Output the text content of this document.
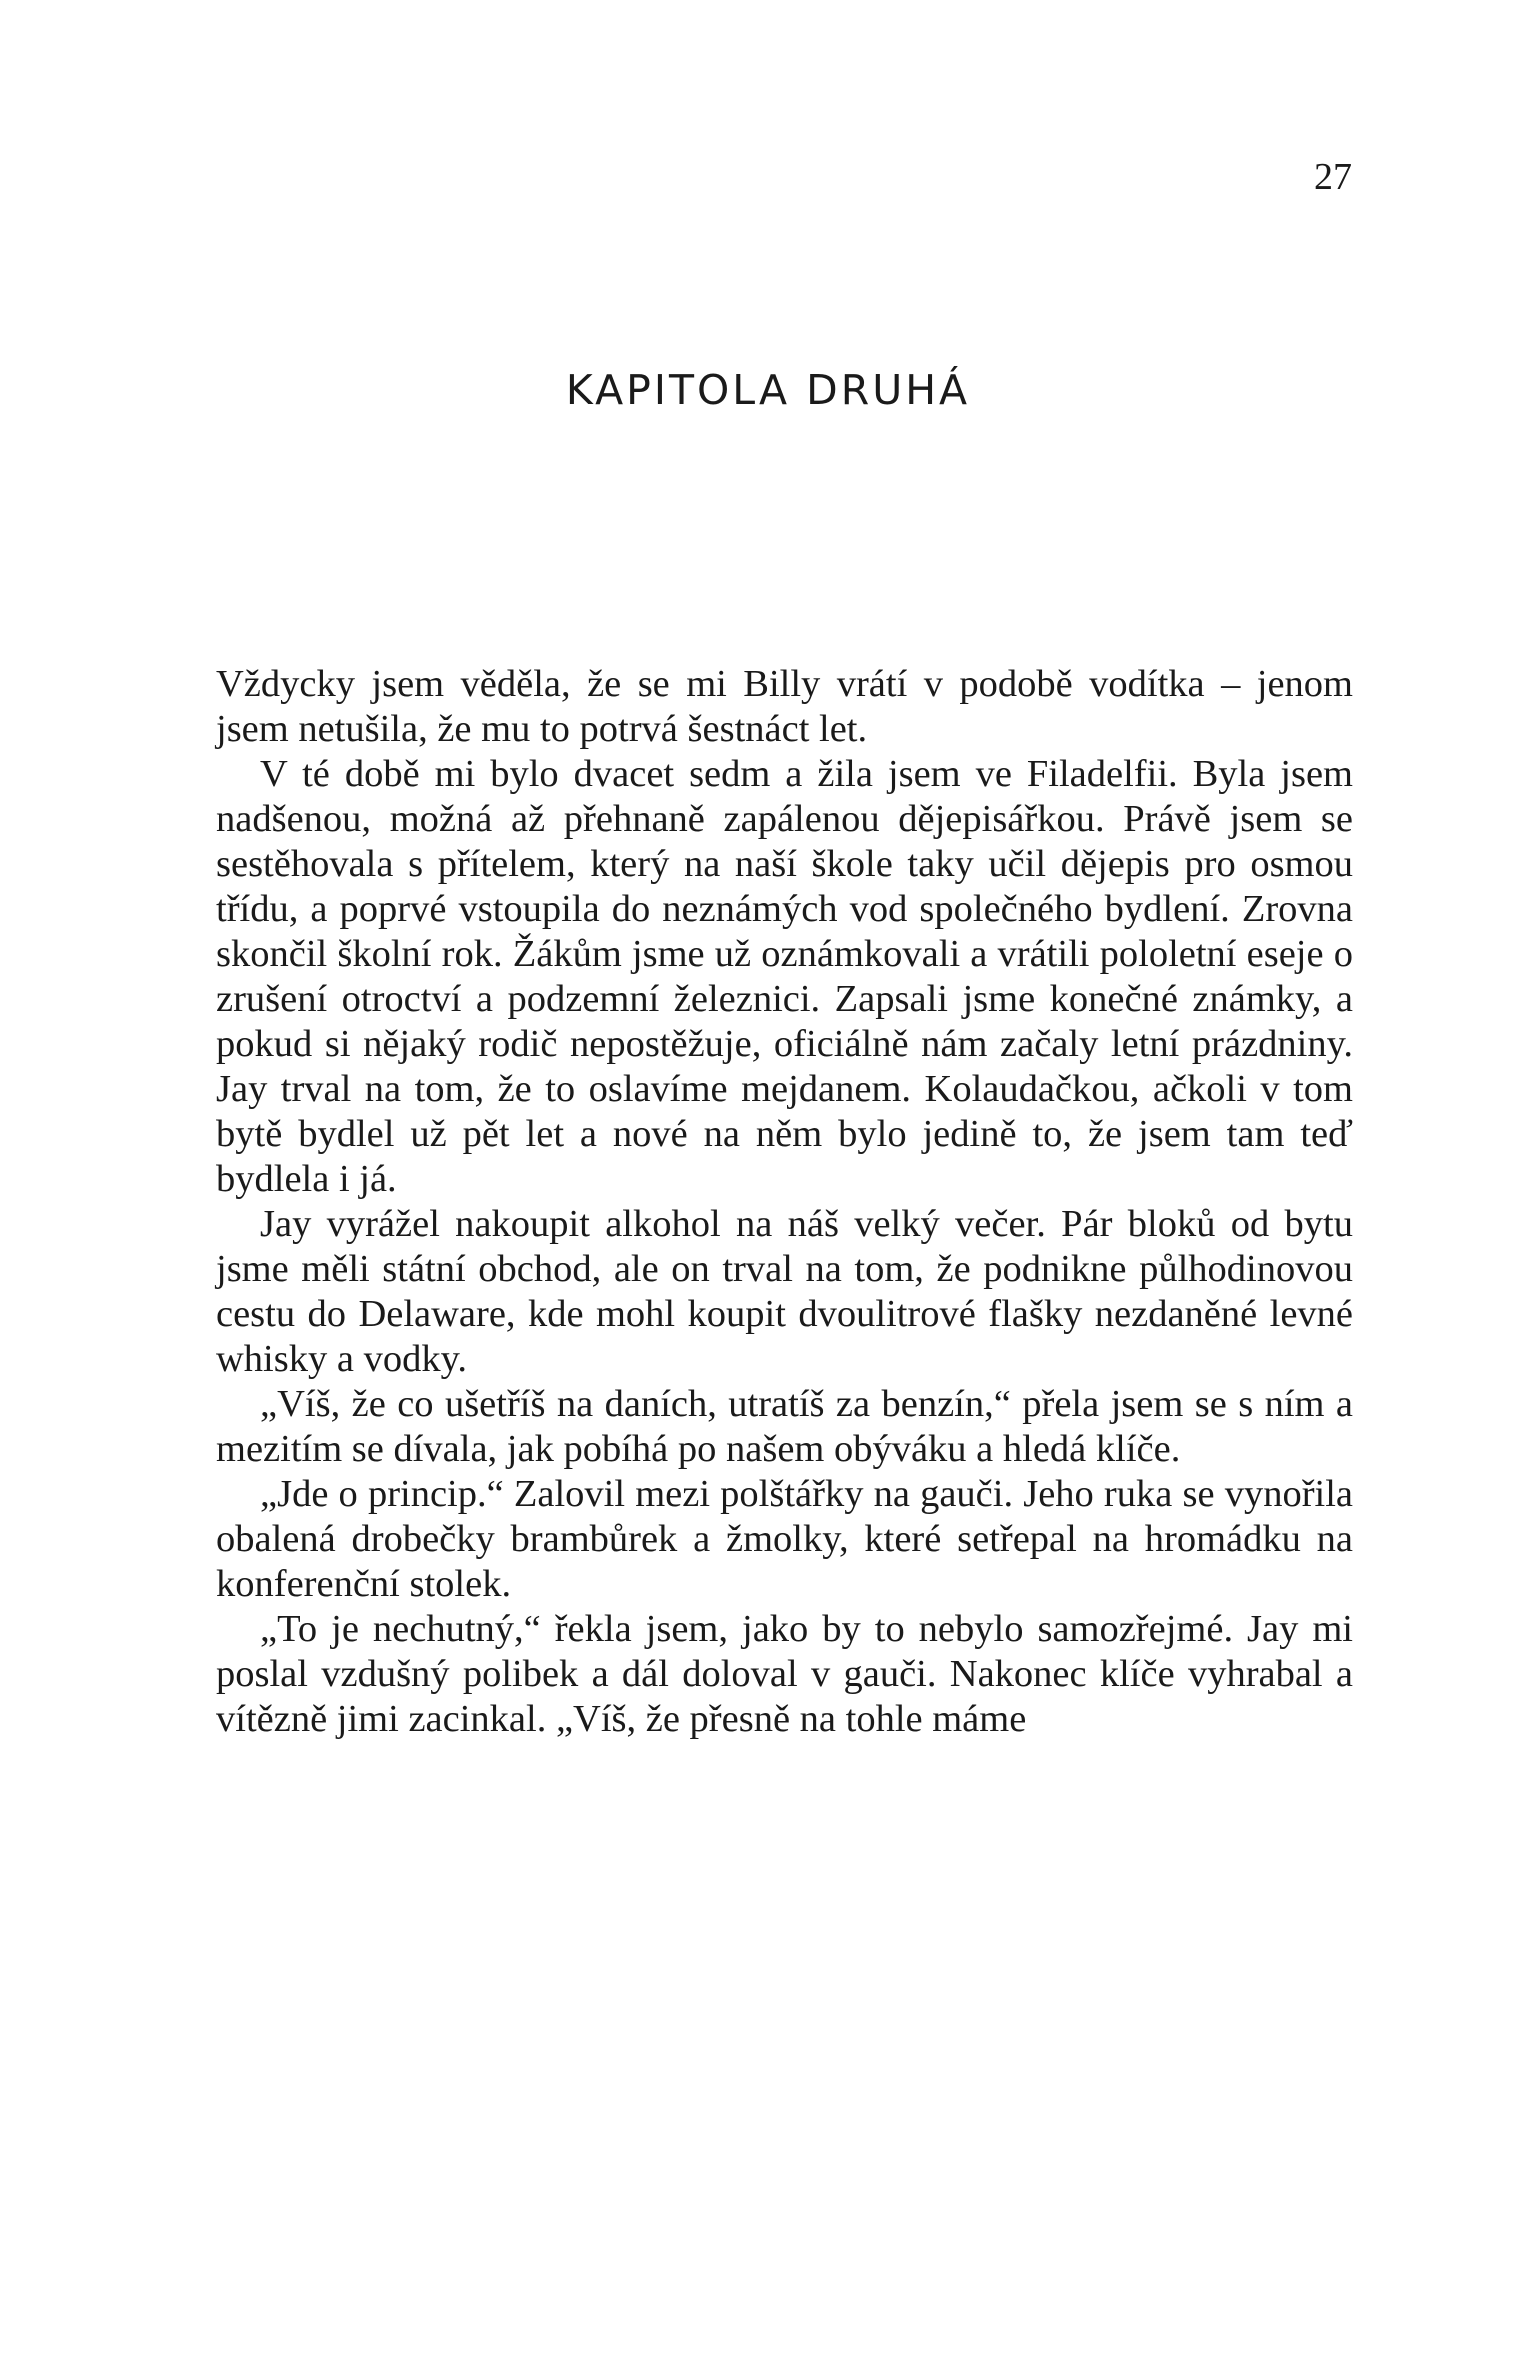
27
KAPITOLA DRUHÁ

Vždycky jsem věděla, že se mi Billy vrátí v podobě vodítka – jenom jsem netušila, že mu to potrvá šestnáct let.

V té době mi bylo dvacet sedm a žila jsem ve Filadelfii. Byla jsem nadšenou, možná až přehnaně zapálenou dějepisářkou. Právě jsem se sestěhovala s přítelem, který na naší škole taky učil dějepis pro osmou třídu, a poprvé vstoupila do neznámých vod společného bydlení. Zrovna skončil školní rok. Žákům jsme už oznámkovali a vrátili pololetní eseje o zrušení otroctví a podzemní železnici. Zapsali jsme konečné známky, a pokud si nějaký rodič nepostěžuje, oficiálně nám začaly letní prázdniny. Jay trval na tom, že to oslavíme mejdanem. Kolaudačkou, ačkoli v tom bytě bydlel už pět let a nové na něm bylo jedině to, že jsem tam teď bydlela i já.

Jay vyrážel nakoupit alkohol na náš velký večer. Pár bloků od bytu jsme měli státní obchod, ale on trval na tom, že podnikne půlhodinovou cestu do Delaware, kde mohl koupit dvoulitrové flašky nezdaněné levné whisky a vodky.

„Víš, že co ušetříš na daních, utratíš za benzín,“ přela jsem se s ním a mezitím se dívala, jak pobíhá po našem obýváku a hledá klíče.

„Jde o princip.“ Zalovil mezi polštářky na gauči. Jeho ruka se vynořila obalená drobečky brambůrek a žmolky, které setřepal na hromádku na konferenční stolek.

„To je nechutný,“ řekla jsem, jako by to nebylo samozřejmé. Jay mi poslal vzdušný polibek a dál doloval v gauči. Nakonec klíče vyhrabal a vítězně jimi zacinkal. „Víš, že přesně na tohle máme
